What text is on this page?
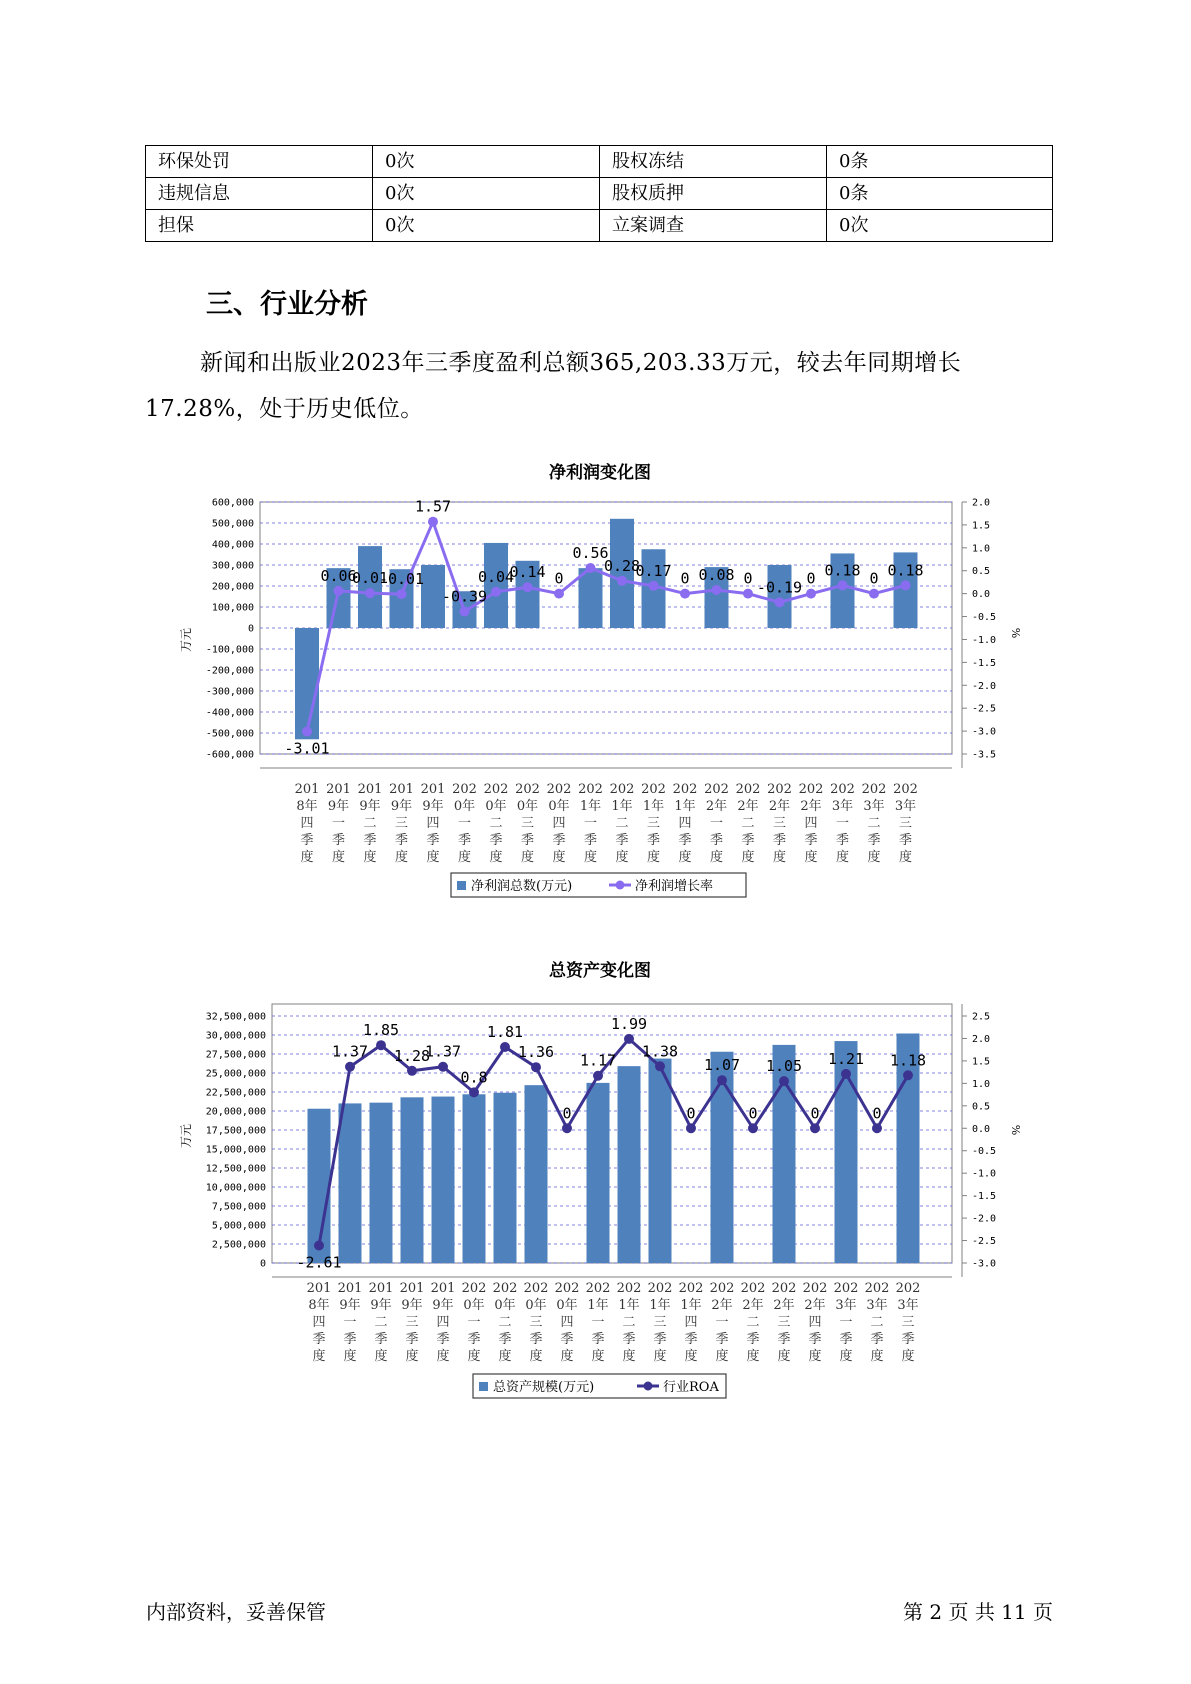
环保处罚	0次	股权冻结	0条
违规信息	0次	股权质押	0条
担保	0次	立案调查	0次
三、行业分析

新闻和出版业2023年三季度盈利总额365,203.33万元，较去年同期增长17.28%，处于历史低位。

净利润变化图
600,000
500,000
400,000
300,000
200,000
100,000
0
-100,000
-200,000
-300,000
-400,000
-500,000
-600,000
万元
2.0
1.5
1.0
0.5
0.0
-0.5
-1.0
-1.5
-2.0
-2.5
-3.0
-3.5
%
-3.01
0.06
0.01
-0.01
1.57
-0.39
0.04
0.14 0
0.56
0.28
0.17 0 0.08 0 -0.19 0 0.18 0 0.18
201
8年
四
季
度
201
9年
一
季
度
201
9年
二
季
度
201
9年
三
季
度
201
9年
四
季
度
202
0年
一
季
度
202
0年
二
季
度
202
0年
三
季
度
202
0年
四
季
度
202
1年
一
季
度
202
1年
二
季
度
202
1年
三
季
度
202
1年
四
季
度
202
2年
一
季
度
202
2年
二
季
度
202
2年
三
季
度
202
2年
四
季
度
202
3年
一
季
度
202
3年
二
季
度
202
3年
三
季
度
净利润总数(万元)	净利润增长率
总资产变化图
32,500,000
30,000,000
27,500,000
25,000,000
22,500,000
20,000,000
17,500,000
15,000,000
12,500,000
10,000,000
7,500,000
5,000,000
2,500,000
0
万元
2.5
2.0
1.5
1.0
0.5
0.0
-0.5
-1.0
-1.5
-2.0
-2.5
-3.0
%
-2.61
1.37
1.85
1.28
1.37
0.8
1.81
1.36
0
1.17
1.99
1.38
0
1.07
0
1.05
0
1.21
0
1.18
201
8年
四
季
度
201
9年
一
季
度
201
9年
二
季
度
201
9年
三
季
度
201
9年
四
季
度
202
0年
一
季
度
202
0年
二
季
度
202
0年
三
季
度
202
0年
四
季
度
202
1年
一
季
度
202
1年
二
季
度
202
1年
三
季
度
202
1年
四
季
度
202
2年
一
季
度
202
2年
二
季
度
202
2年
三
季
度
202
2年
四
季
度
202
3年
一
季
度
202
3年
二
季
度
202
3年
三
季
度
总资产规模(万元)	行业ROA
内部资料，妥善保管	第 2 页 共 11 页
